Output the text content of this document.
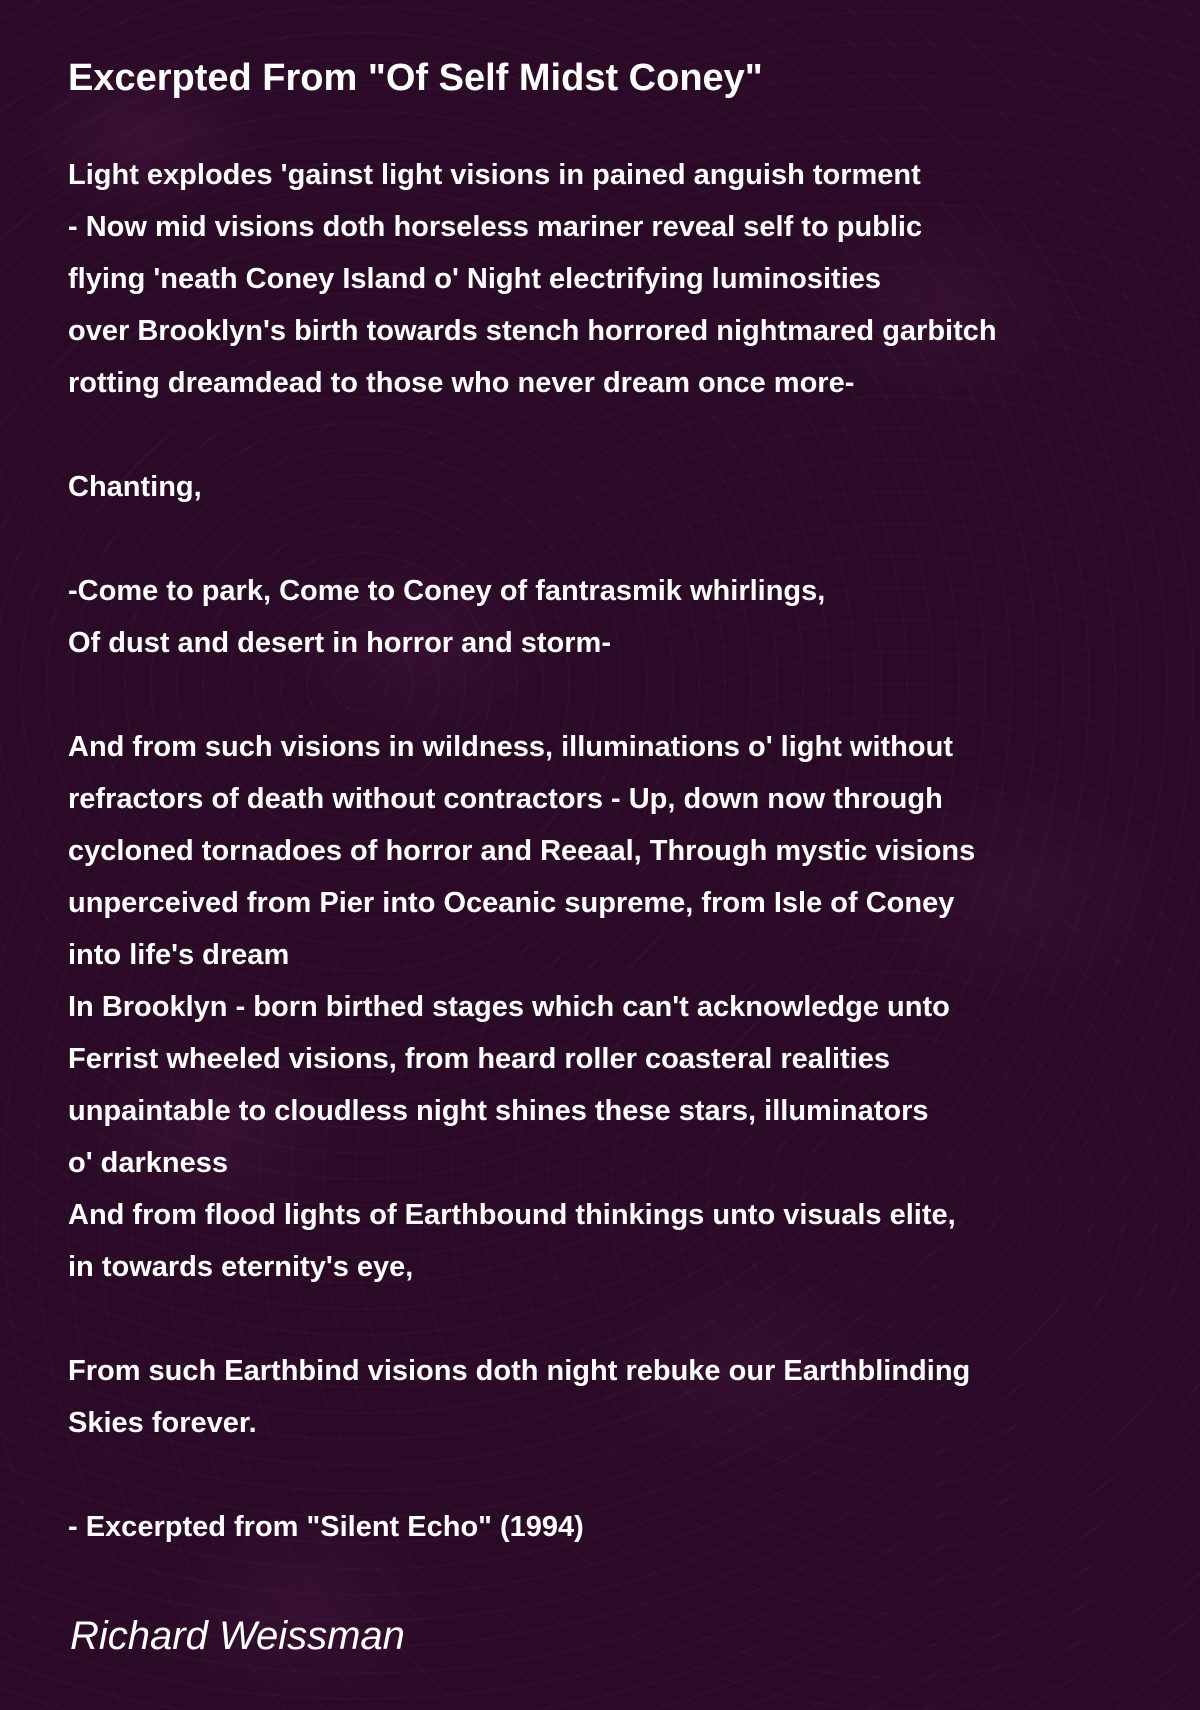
Excerpted From "Of Self Midst Coney"
Light explodes 'gainst light visions in pained anguish torment
- Now mid visions doth horseless mariner reveal self to public
flying 'neath Coney Island o' Night electrifying luminosities
over Brooklyn's birth towards stench horrored nightmared garbitch
rotting dreamdead to those who never dream once more-
Chanting,
-Come to park, Come to Coney of fantrasmik whirlings,
Of dust and desert in horror and storm-
And from such visions in wildness, illuminations o' light without
refractors of death without contractors - Up, down now through
cycloned tornadoes of horror and Reeaal, Through mystic visions
unperceived from Pier into Oceanic supreme, from Isle of Coney
into life's dream
In Brooklyn - born birthed stages which can't acknowledge unto
Ferrist wheeled visions, from heard roller coasteral realities
unpaintable to cloudless night shines these stars, illuminators
o' darkness
And from flood lights of Earthbound thinkings unto visuals elite,
in towards eternity's eye,
From such Earthbind visions doth night rebuke our Earthblinding
Skies forever.
- Excerpted from "Silent Echo" (1994)

Richard Weissman
